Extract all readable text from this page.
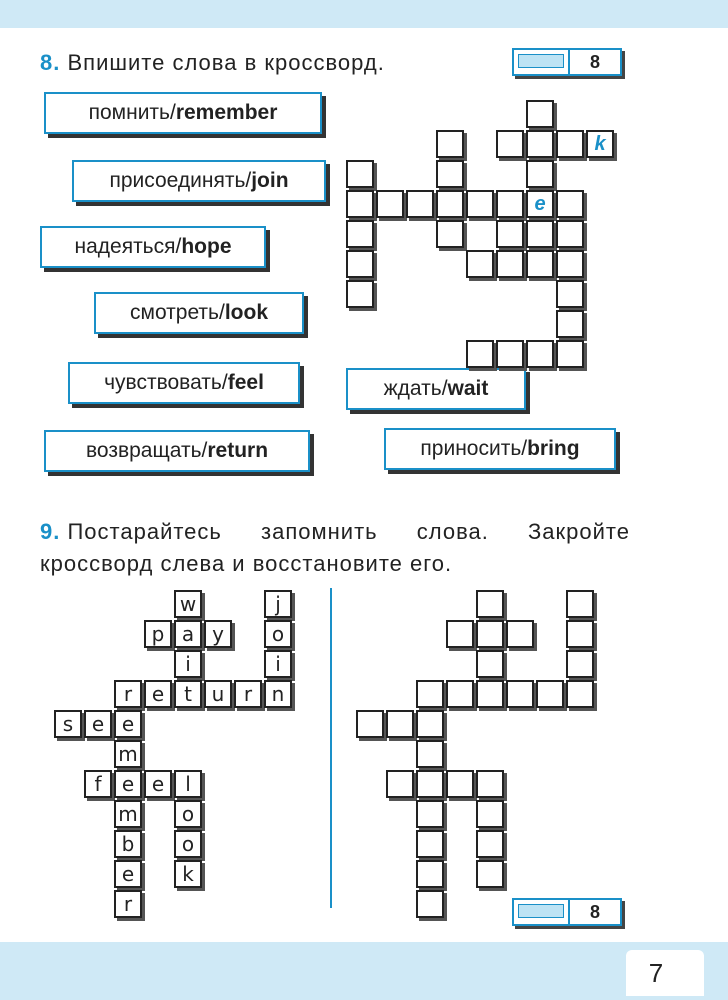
8. Впишите слова в кроссворд.	8
помнить/ remember
присоединять/ join
надеяться/ hope
смотреть/ look
чувствовать/ feel
возвращать/ return
ждать/ wait
приносить/ bring
k
e
9. Постарайтесь запомнить слова. Закройте
кроссворд слева и восстановите его.
w	j
p a y	o
i	i
r e t u r n
s e e
m
f	e e	l
m	o
b	o
e	k
r	8
7
